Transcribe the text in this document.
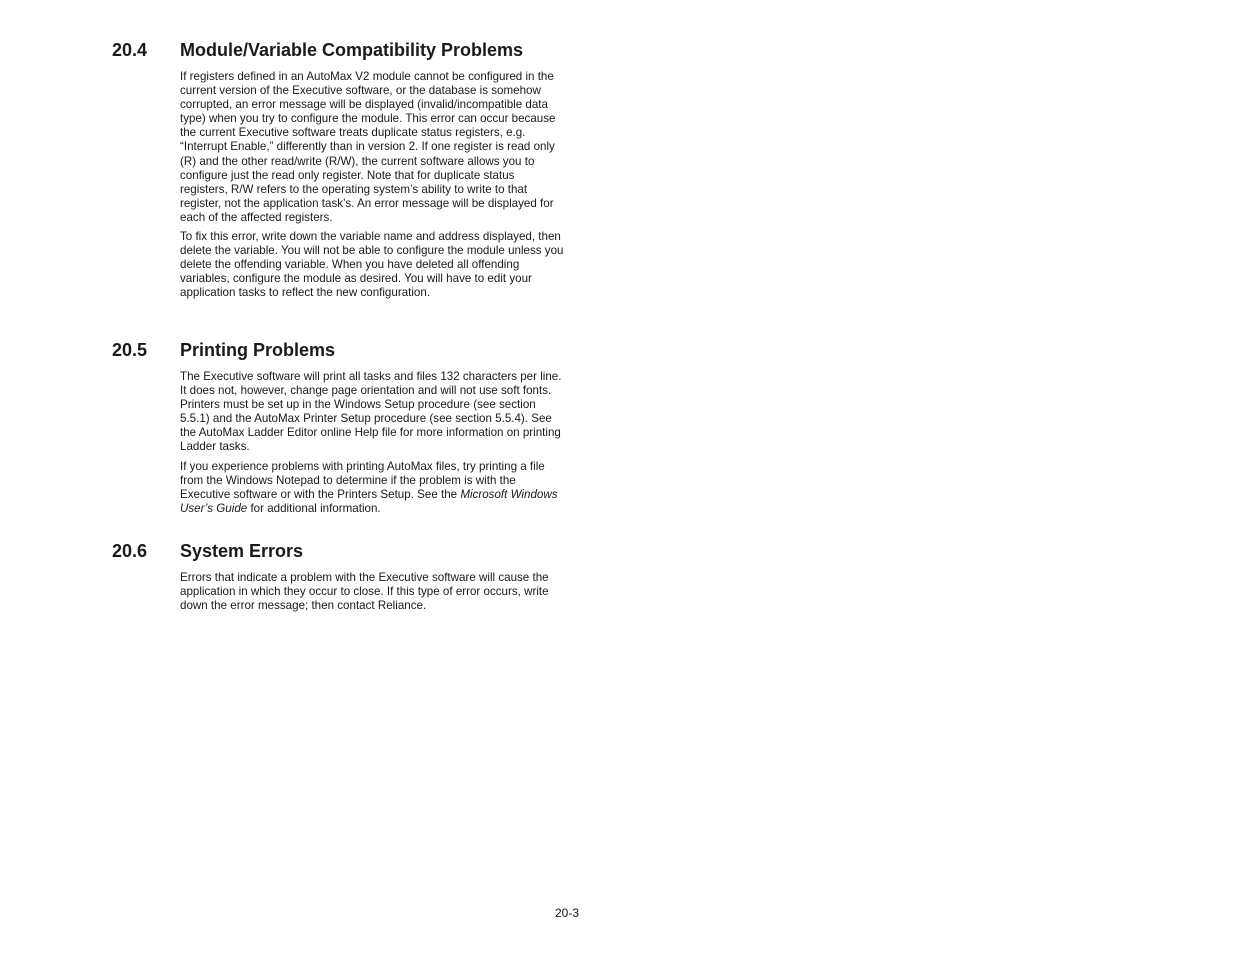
20.4 Module/Variable Compatibility Problems

If registers defined in an AutoMax V2 module cannot be configured in the current version of the Executive software, or the database is somehow corrupted, an error message will be displayed (invalid/incompatible data type) when you try to configure the module. This error can occur because the current Executive software treats duplicate status registers, e.g. “Interrupt Enable,” differently than in version 2. If one register is read only (R) and the other read/write (R/W), the current software allows you to configure just the read only register. Note that for duplicate status registers, R/W refers to the operating system’s ability to write to that register, not the application task’s. An error message will be displayed for each of the affected registers.

To fix this error, write down the variable name and address displayed, then delete the variable. You will not be able to configure the module unless you delete the offending variable. When you have deleted all offending variables, configure the module as desired. You will have to edit your application tasks to reflect the new configuration.

20.5 Printing Problems

The Executive software will print all tasks and files 132 characters per line. It does not, however, change page orientation and will not use soft fonts. Printers must be set up in the Windows Setup procedure (see section 5.5.1) and the AutoMax Printer Setup procedure (see section 5.5.4). See the AutoMax Ladder Editor online Help file for more information on printing Ladder tasks.

If you experience problems with printing AutoMax files, try printing a file from the Windows Notepad to determine if the problem is with the Executive software or with the Printers Setup. See the Microsoft Windows User’s Guide for additional information.

20.6 System Errors

Errors that indicate a problem with the Executive software will cause the application in which they occur to close. If this type of error occurs, write down the error message; then contact Reliance.

20-3
